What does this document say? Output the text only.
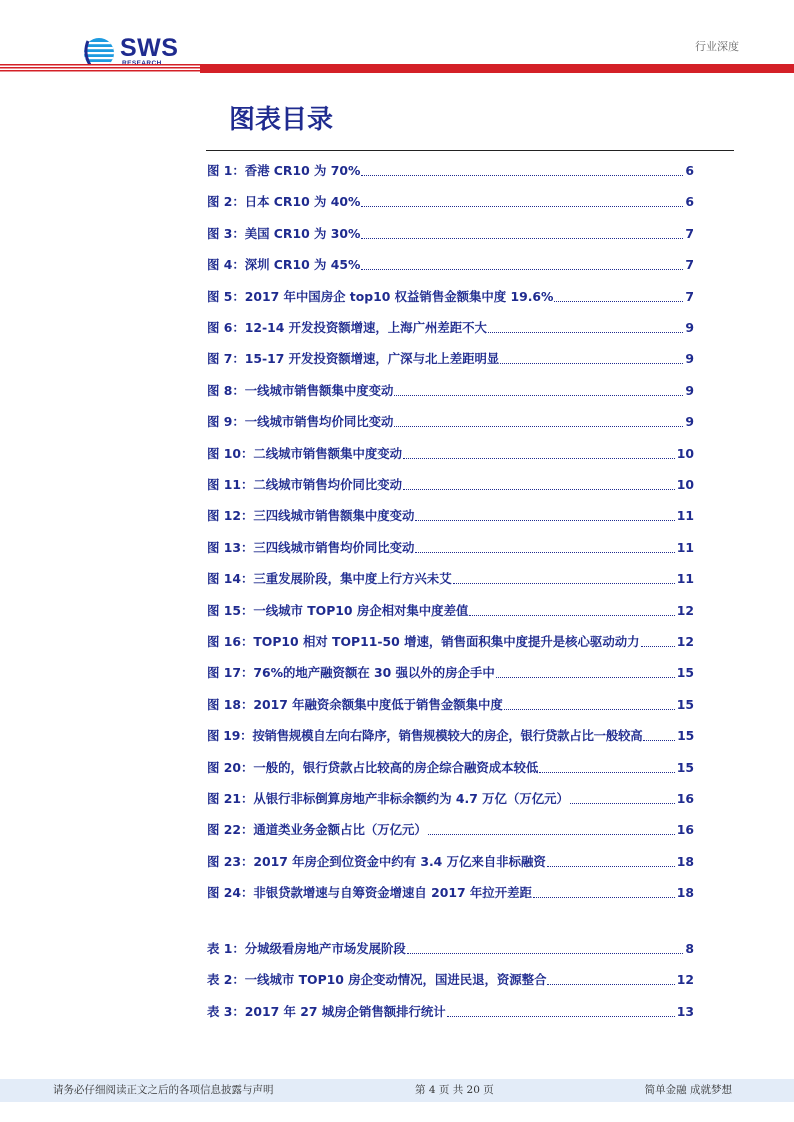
SWS	行业深度
图表目录
图 1：香港 CR10 为 70%	6
图 2：日本 CR10 为 40%	6
图 3：美国 CR10 为 30%	7
图 4：深圳 CR10 为 45%	7
图 5：2017 年中国房企 top10 权益销售金额集中度 19.6%	7
图 6：12-14 开发投资额增速，上海广州差距不大	9
图 7：15-17 开发投资额增速，广深与北上差距明显	9
图 8：一线城市销售额集中度变动	9
图 9：一线城市销售均价同比变动	9
图 10：二线城市销售额集中度变动	10
图 11：二线城市销售均价同比变动	10
图 12：三四线城市销售额集中度变动	11
图 13：三四线城市销售均价同比变动	11
图 14：三重发展阶段，集中度上行方兴未艾	11
图 15：一线城市 TOP10 房企相对集中度差值	12
图 16：TOP10 相对 TOP11-50 增速，销售面积集中度提升是核心驱动动力	12
图 17：76%的地产融资额在 30 强以外的房企手中	15
图 18：2017 年融资余额集中度低于销售金额集中度	15
图 19：按销售规模自左向右降序，销售规模较大的房企，银行贷款占比一般较高	15
图 20：一般的，银行贷款占比较高的房企综合融资成本较低	15
图 21：从银行非标倒算房地产非标余额约为 4.7 万亿（万亿元）	16
图 22：通道类业务金额占比（万亿元）	16
图 23：2017 年房企到位资金中约有 3.4 万亿来自非标融资	18
图 24：非银贷款增速与自筹资金增速自 2017 年拉开差距	18
表 1：分城级看房地产市场发展阶段	8
表 2：一线城市 TOP10 房企变动情况，国进民退，资源整合	12
表 3：2017 年 27 城房企销售额排行统计	13
请务必仔细阅读正文之后的各项信息披露与声明	第 4 页 共 20 页	简单金融 成就梦想
